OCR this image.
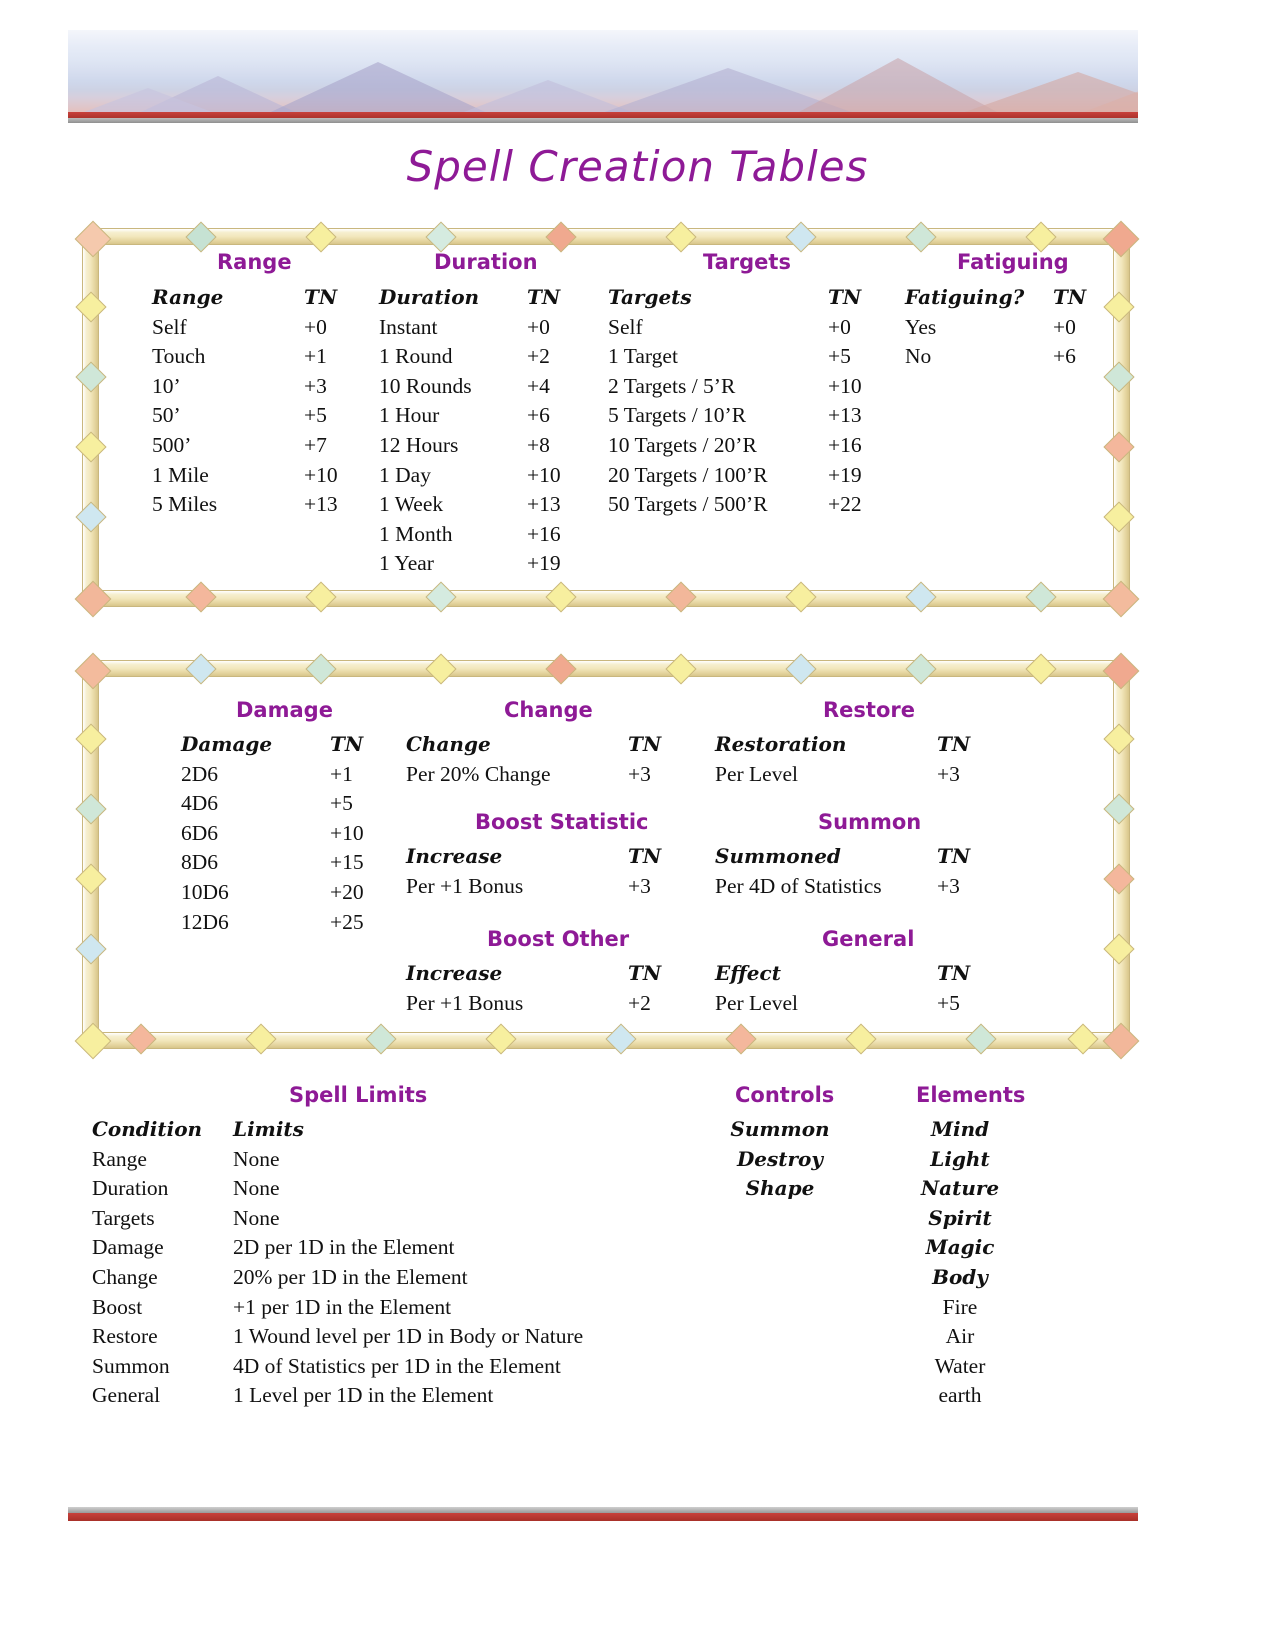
Spell Creation Tables
Range
Range	TN
Self	+0
Touch	+1
10’	+3
50’	+5
500’	+7
1 Mile	+10
5 Miles	+13
Duration
Duration	TN
Instant	+0
1 Round	+2
10 Rounds	+4
1 Hour	+6
12 Hours	+8
1 Day	+10
1 Week	+13
1 Month	+16
1 Year	+19
Targets
Targets	TN
Self	+0
1 Target	+5
2 Targets / 5’R	+10
5 Targets / 10’R	+13
10 Targets / 20’R	+16
20 Targets / 100’R	+19
50 Targets / 500’R	+22
Fatiguing
Fatiguing?	TN
Yes	+0
No	+6
Damage
Damage	TN
2D6	+1
4D6	+5
6D6	+10
8D6	+15
10D6	+20
12D6	+25
Change
Change	TN
Per 20% Change	+3
Boost Statistic
Increase	TN
Per +1 Bonus	+3
Boost Other
Increase	TN
Per +1 Bonus	+2
Restore
Restoration	TN
Per Level	+3
Summon
Summoned	TN
Per 4D of Statistics	+3
General
Effect	TN
Per Level	+5
Spell Limits
Condition	Limits
Range	None
Duration	None
Targets	None
Damage	2D per 1D in the Element
Change	20% per 1D in the Element
Boost	+1 per 1D in the Element
Restore	1 Wound level per 1D in Body or Nature
Summon	4D of Statistics per 1D in the Element
General	1 Level per 1D in the Element
Controls
Summon
Destroy
Shape
Elements
Mind
Light
Nature
Spirit
Magic
Body
Fire
Air
Water
earth
